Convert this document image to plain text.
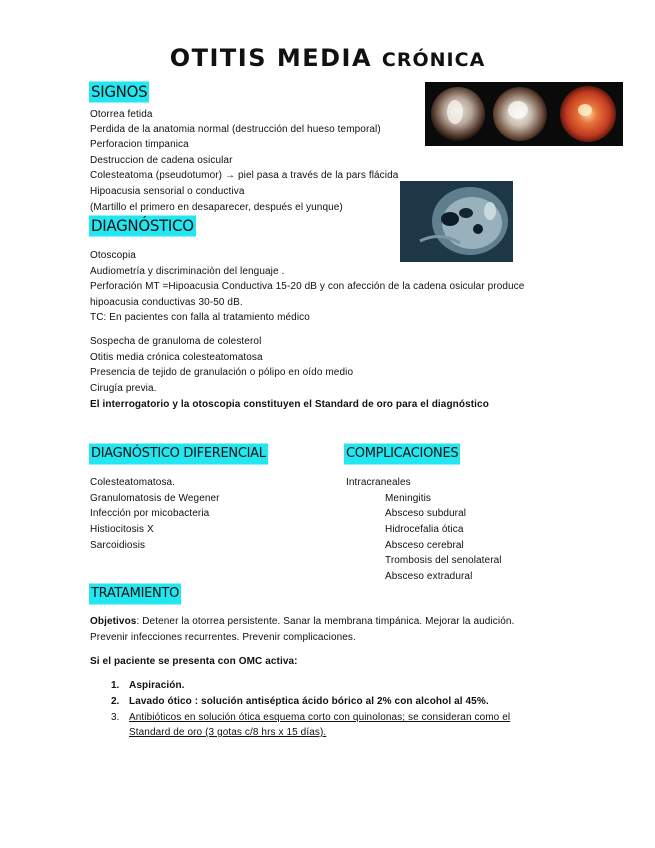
OTITIS MEDIA CRÓNICA
SIGNOS
Otorrea fetida
Perdida de la anatomia normal (destrucción del hueso temporal)
Perforacion timpanica
Destruccion de cadena osicular
Colesteatoma (pseudotumor) → piel pasa a través de la pars flácida
Hipoacusia sensorial o conductiva
(Martillo el primero en desaparecer, después el yunque)
DIAGNÓSTICO
Otoscopia
Audiometría y discriminaciòn del lenguaje .
Perforación MT =Hipoacusia Conductiva 15-20 dB y con afección de la cadena osicular produce
hipoacusia conductivas 30-50 dB.
TC: En pacientes con falla al tratamiento médico
Sospecha de granuloma de colesterol
Otitis media crónica colesteatomatosa
Presencia de tejido de granulación o pólipo en oído medio
Cirugía previa.
El interrogatorio y la otoscopia constituyen el Standard de oro para el diagnóstico
DIAGNÓSTICO DIFERENCIAL
Colesteatomatosa.
Granulomatosis de Wegener
Infección por micobacteria
Histiocitosis X
Sarcoidiosis
COMPLICACIONES
Intracraneales
Meningitis
Absceso subdural
Hidrocefalia ótica
Absceso cerebral
Trombosis del senolateral
Absceso extradural
TRATAMIENTO
Objetivos: Detener la otorrea persistente. Sanar la membrana timpánica. Mejorar la audición.
Prevenir infecciones recurrentes. Prevenir complicaciones.
Si el paciente se presenta con OMC activa:
1. Aspiración.
2. Lavado ótico : solución antiséptica ácido bórico al 2% con alcohol al 45%.
3. Antibióticos en solución ótica esquema corto con quinolonas; se consideran como el
Standard de oro (3 gotas c/8 hrs x 15 días).
